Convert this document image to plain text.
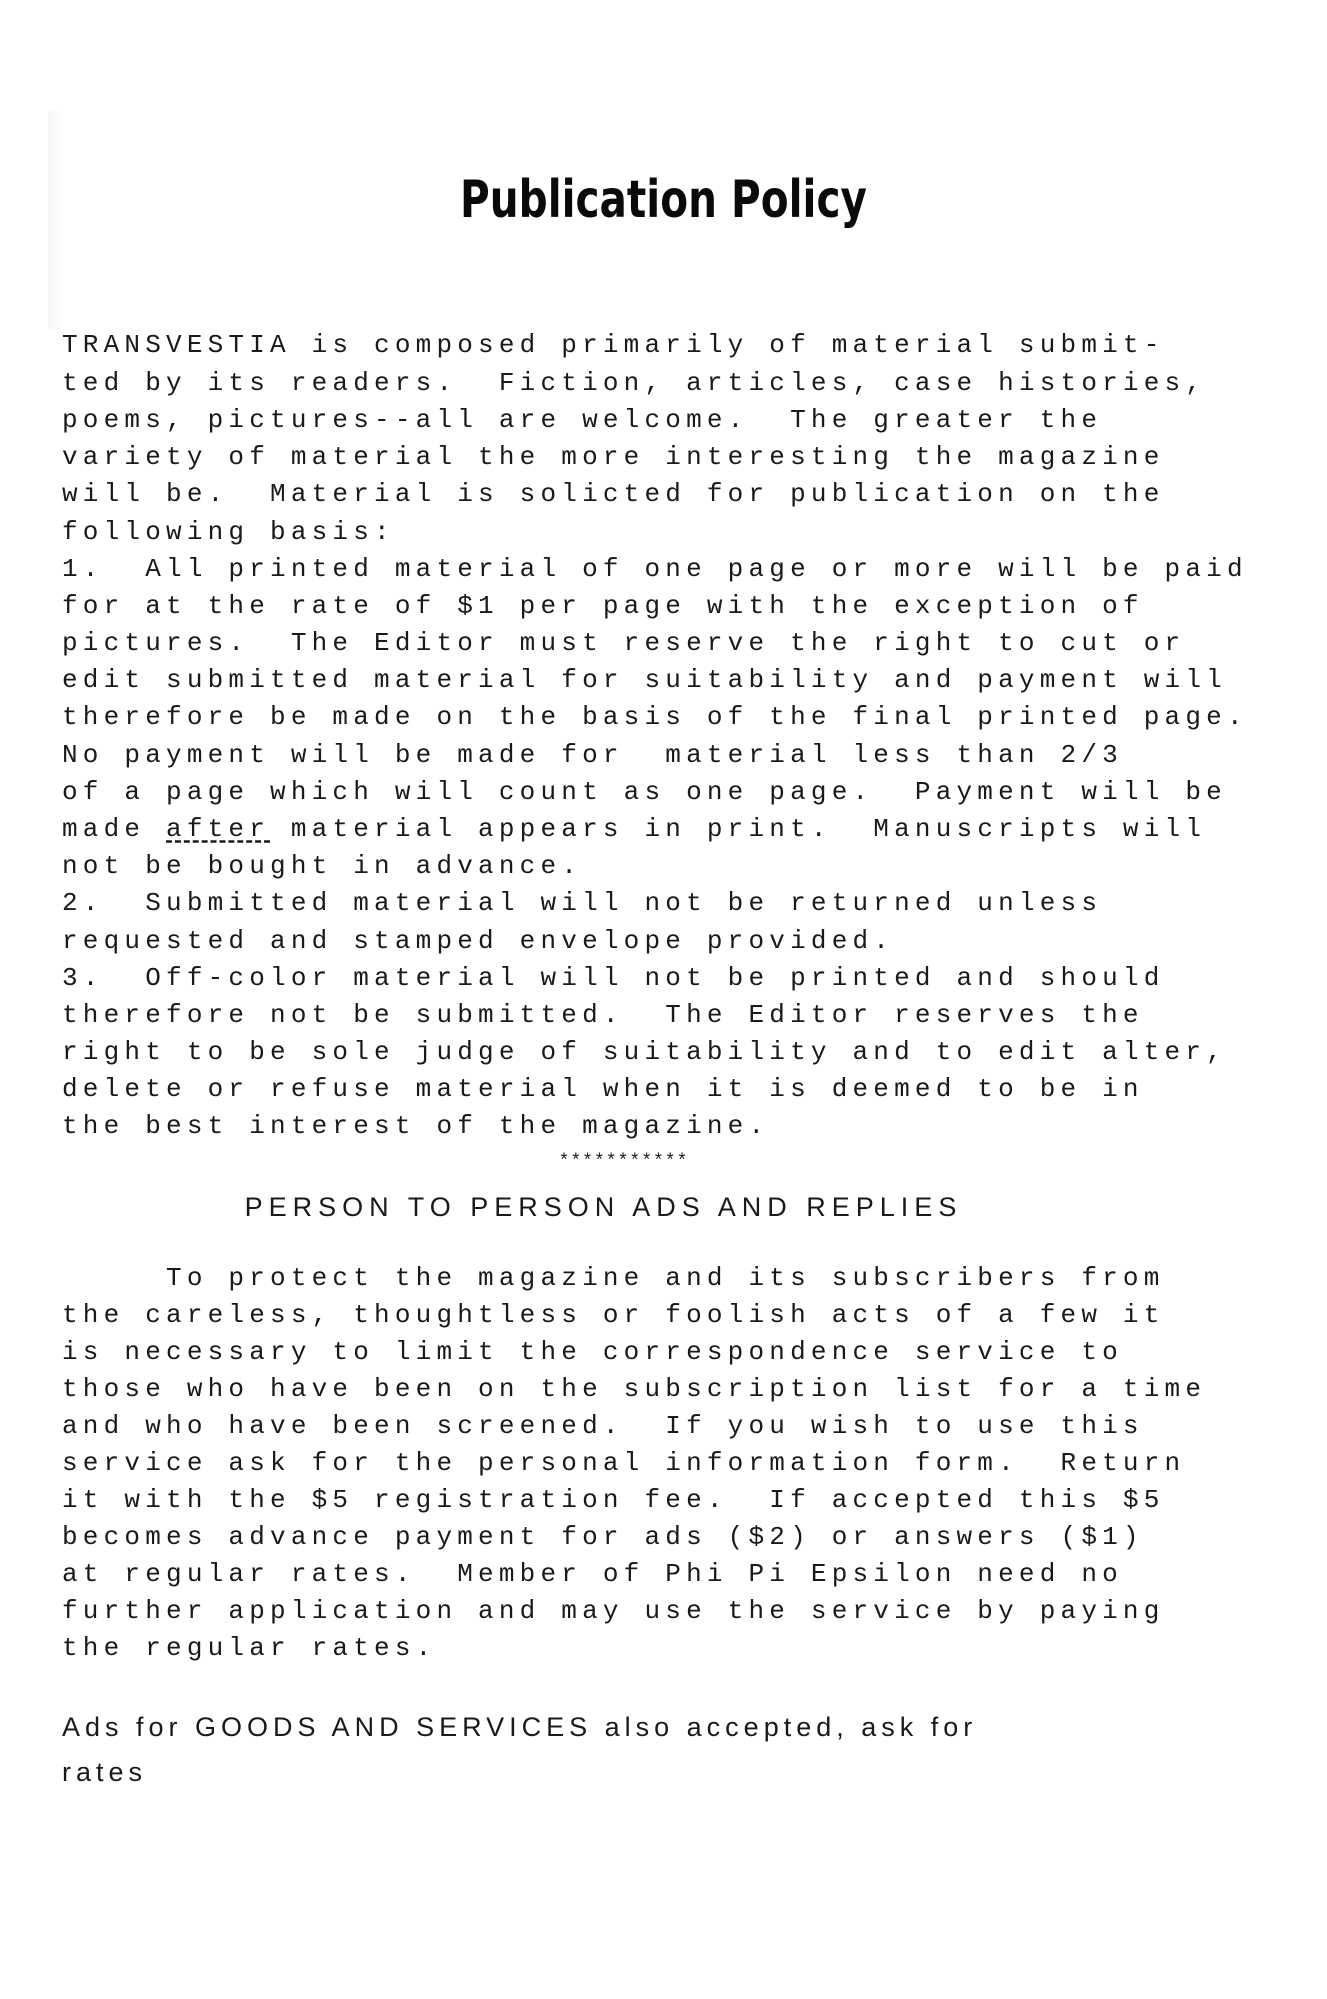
Publication Policy
TRANSVESTIA is composed primarily of material submit-
ted by its readers.  Fiction, articles, case histories,
poems, pictures--all are welcome.  The greater the
variety of material the more interesting the magazine
will be.  Material is solicted for publication on the
following basis:
1.  All printed material of one page or more will be paid
for at the rate of $1 per page with the exception of
pictures.  The Editor must reserve the right to cut or
edit submitted material for suitability and payment will
therefore be made on the basis of the final printed page.
No payment will be made for  material less than 2/3
of a page which will count as one page.  Payment will be
made after material appears in print.  Manuscripts will
not be bought in advance.
2.  Submitted material will not be returned unless
requested and stamped envelope provided.
3.  Off-color material will not be printed and should
therefore not be submitted.  The Editor reserves the
right to be sole judge of suitability and to edit alter,
delete or refuse material when it is deemed to be in
the best interest of the magazine.
***********
PERSON TO PERSON ADS AND REPLIES
To protect the magazine and its subscribers from
the careless, thoughtless or foolish acts of a few it
is necessary to limit the correspondence service to
those who have been on the subscription list for a time
and who have been screened.  If you wish to use this
service ask for the personal information form.  Return
it with the $5 registration fee.  If accepted this $5
becomes advance payment for ads ($2) or answers ($1)
at regular rates.  Member of Phi Pi Epsilon need no
further application and may use the service by paying
the regular rates.
Ads for GOODS AND SERVICES also accepted, ask for
rates
